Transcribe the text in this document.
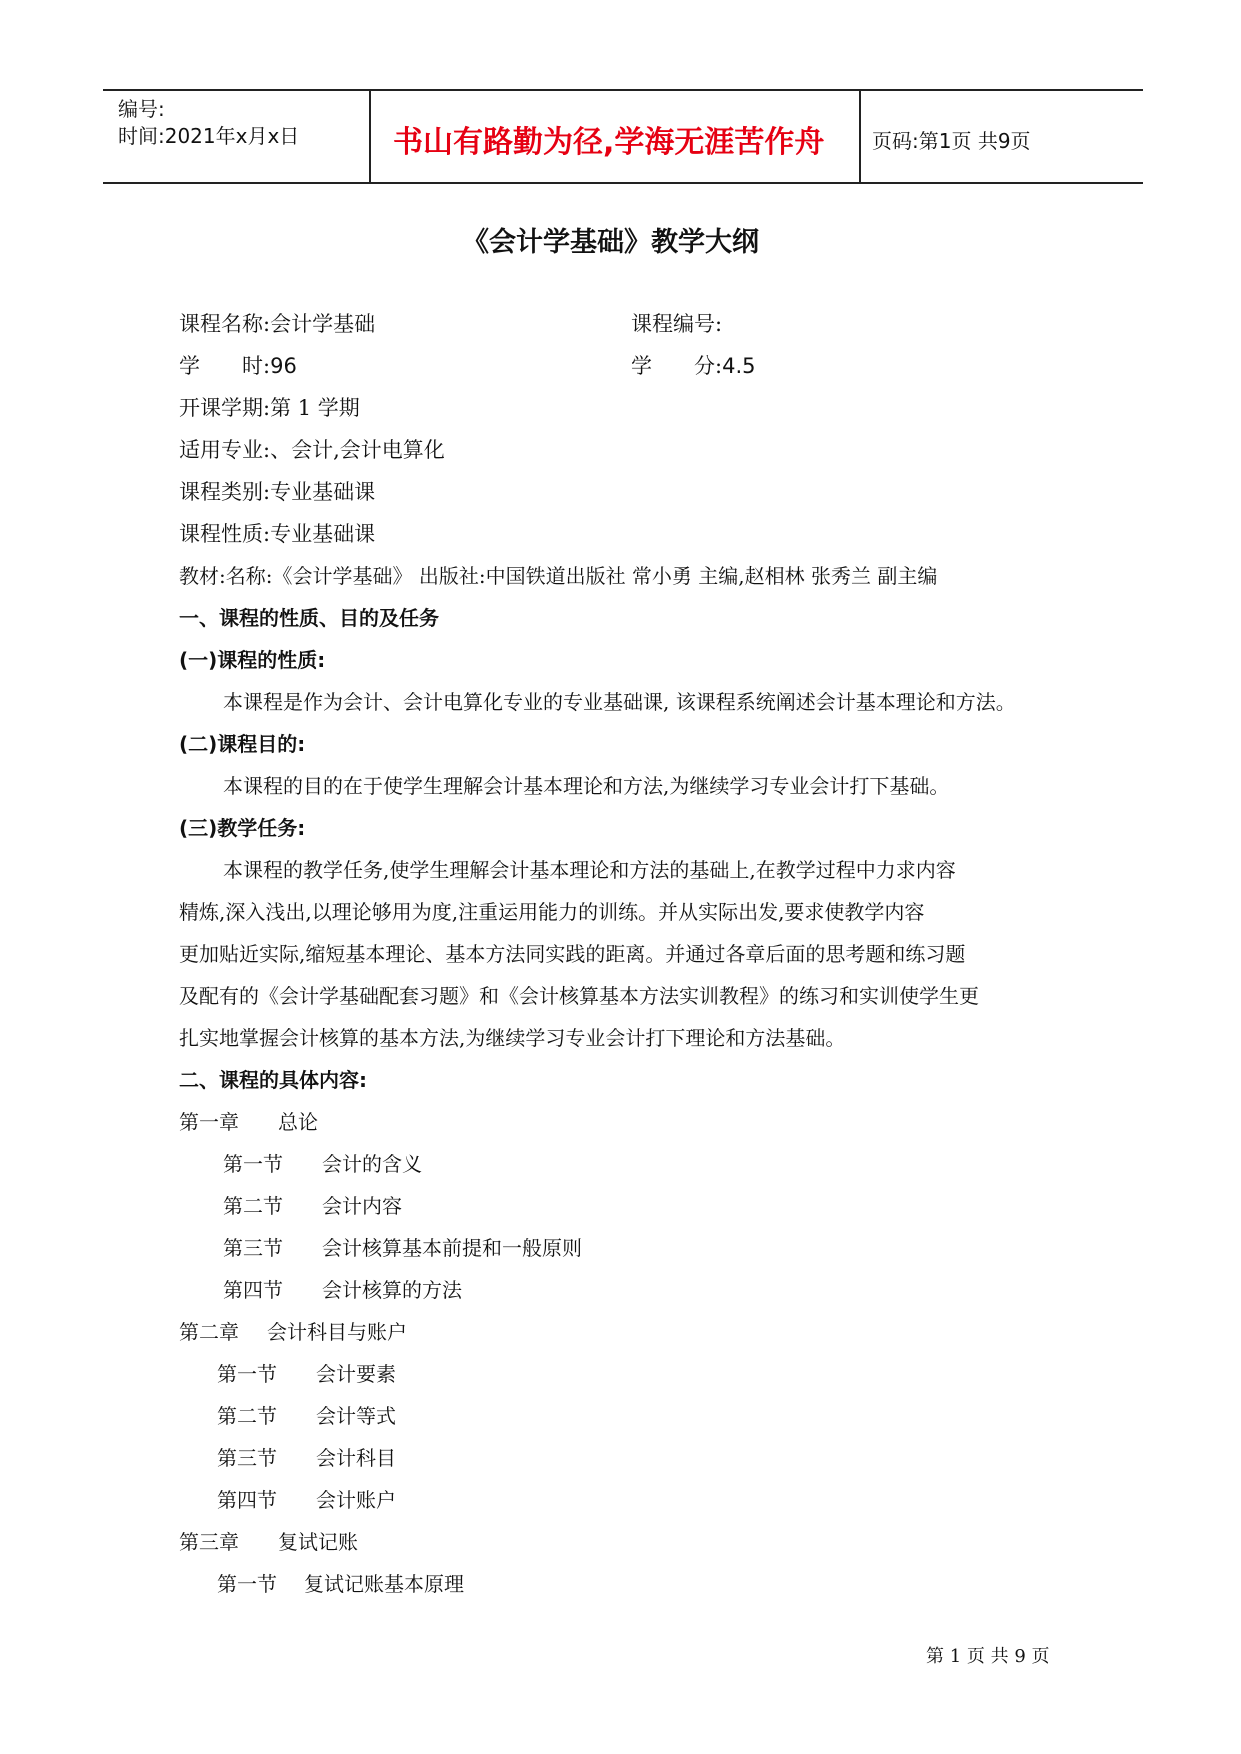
编号:
时间:2021年x月x日	书山有路勤为径,学海无涯苦作舟 页码:第1页 共9页
《会计学基础》教学大纲
课程名称:会计学基础	课程编号:
学　　时:96	学　　分:4.5
开课学期:第 1 学期
适用专业:、会计,会计电算化
课程类别:专业基础课
课程性质:专业基础课
教材:名称:《会计学基础》 出版社:中国铁道出版社 常小勇 主编,赵相林 张秀兰 副主编
一、课程的性质、目的及任务
(一)课程的性质:
本课程是作为会计、会计电算化专业的专业基础课, 该课程系统阐述会计基本理论和方法。
(二)课程目的:
本课程的目的在于使学生理解会计基本理论和方法,为继续学习专业会计打下基础。
(三)教学任务:
本课程的教学任务,使学生理解会计基本理论和方法的基础上,在教学过程中力求内容
精炼,深入浅出,以理论够用为度,注重运用能力的训练。并从实际出发,要求使教学内容
更加贴近实际,缩短基本理论、基本方法同实践的距离。并通过各章后面的思考题和练习题
及配有的《会计学基础配套习题》和《会计核算基本方法实训教程》的练习和实训使学生更
扎实地掌握会计核算的基本方法,为继续学习专业会计打下理论和方法基础。
二、课程的具体内容:
第一章 总论
第一节 会计的含义
第二节 会计内容
第三节 会计核算基本前提和一般原则
第四节 会计核算的方法
第二章 会计科目与账户
第一节 会计要素
第二节 会计等式
第三节 会计科目
第四节 会计账户
第三章 复试记账
第一节 复试记账基本原理
第 1 页 共 9 页
